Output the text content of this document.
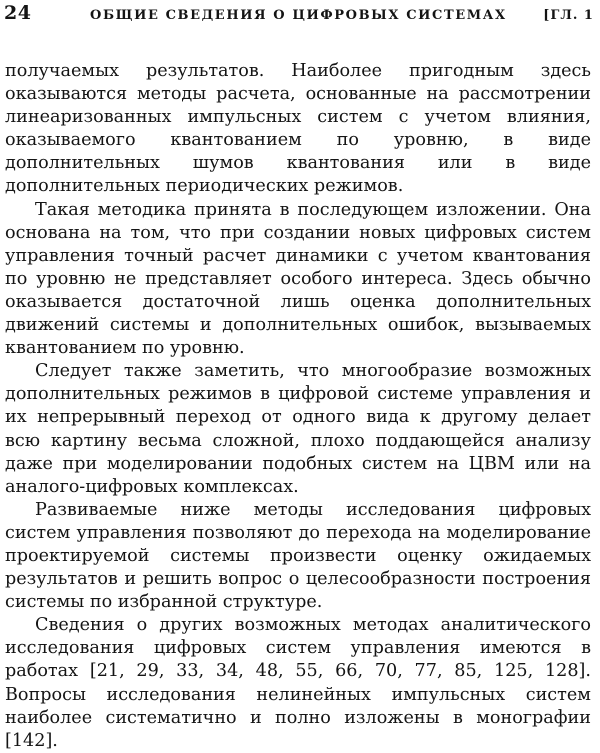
24	ОБЩИЕ СВЕДЕНИЯ О ЦИФРОВЫХ СИСТЕМАХ	[ГЛ. 1

получаемых результатов. Наиболее пригодным здесь оказываются методы расчета, основанные на рассмотрении линеаризованных импульсных систем с учетом влияния, оказываемого квантованием по уровню, в виде дополнительных шумов квантования или в виде дополнительных периодических режимов.

Такая методика принята в последующем изложении. Она основана на том, что при создании новых цифровых систем управления точный расчет динамики с учетом квантования по уровню не представляет особого интереса. Здесь обычно оказывается достаточной лишь оценка дополнительных движений системы и дополнительных ошибок, вызываемых квантованием по уровню.

Следует также заметить, что многообразие возможных дополнительных режимов в цифровой системе управления и их непрерывный переход от одного вида к другому делает всю картину весьма сложной, плохо поддающейся анализу даже при моделировании подобных систем на ЦВМ или на аналого-цифровых комплексах.

Развиваемые ниже методы исследования цифровых систем управления позволяют до перехода на моделирование проектируемой системы произвести оценку ожидаемых результатов и решить вопрос о целесообразности построения системы по избранной структуре.

Сведения о других возможных методах аналитического исследования цифровых систем управления имеются в работах [21, 29, 33, 34, 48, 55, 66, 70, 77, 85, 125, 128]. Вопросы исследования нелинейных импульсных систем наиболее систематично и полно изложены в монографии [142].
